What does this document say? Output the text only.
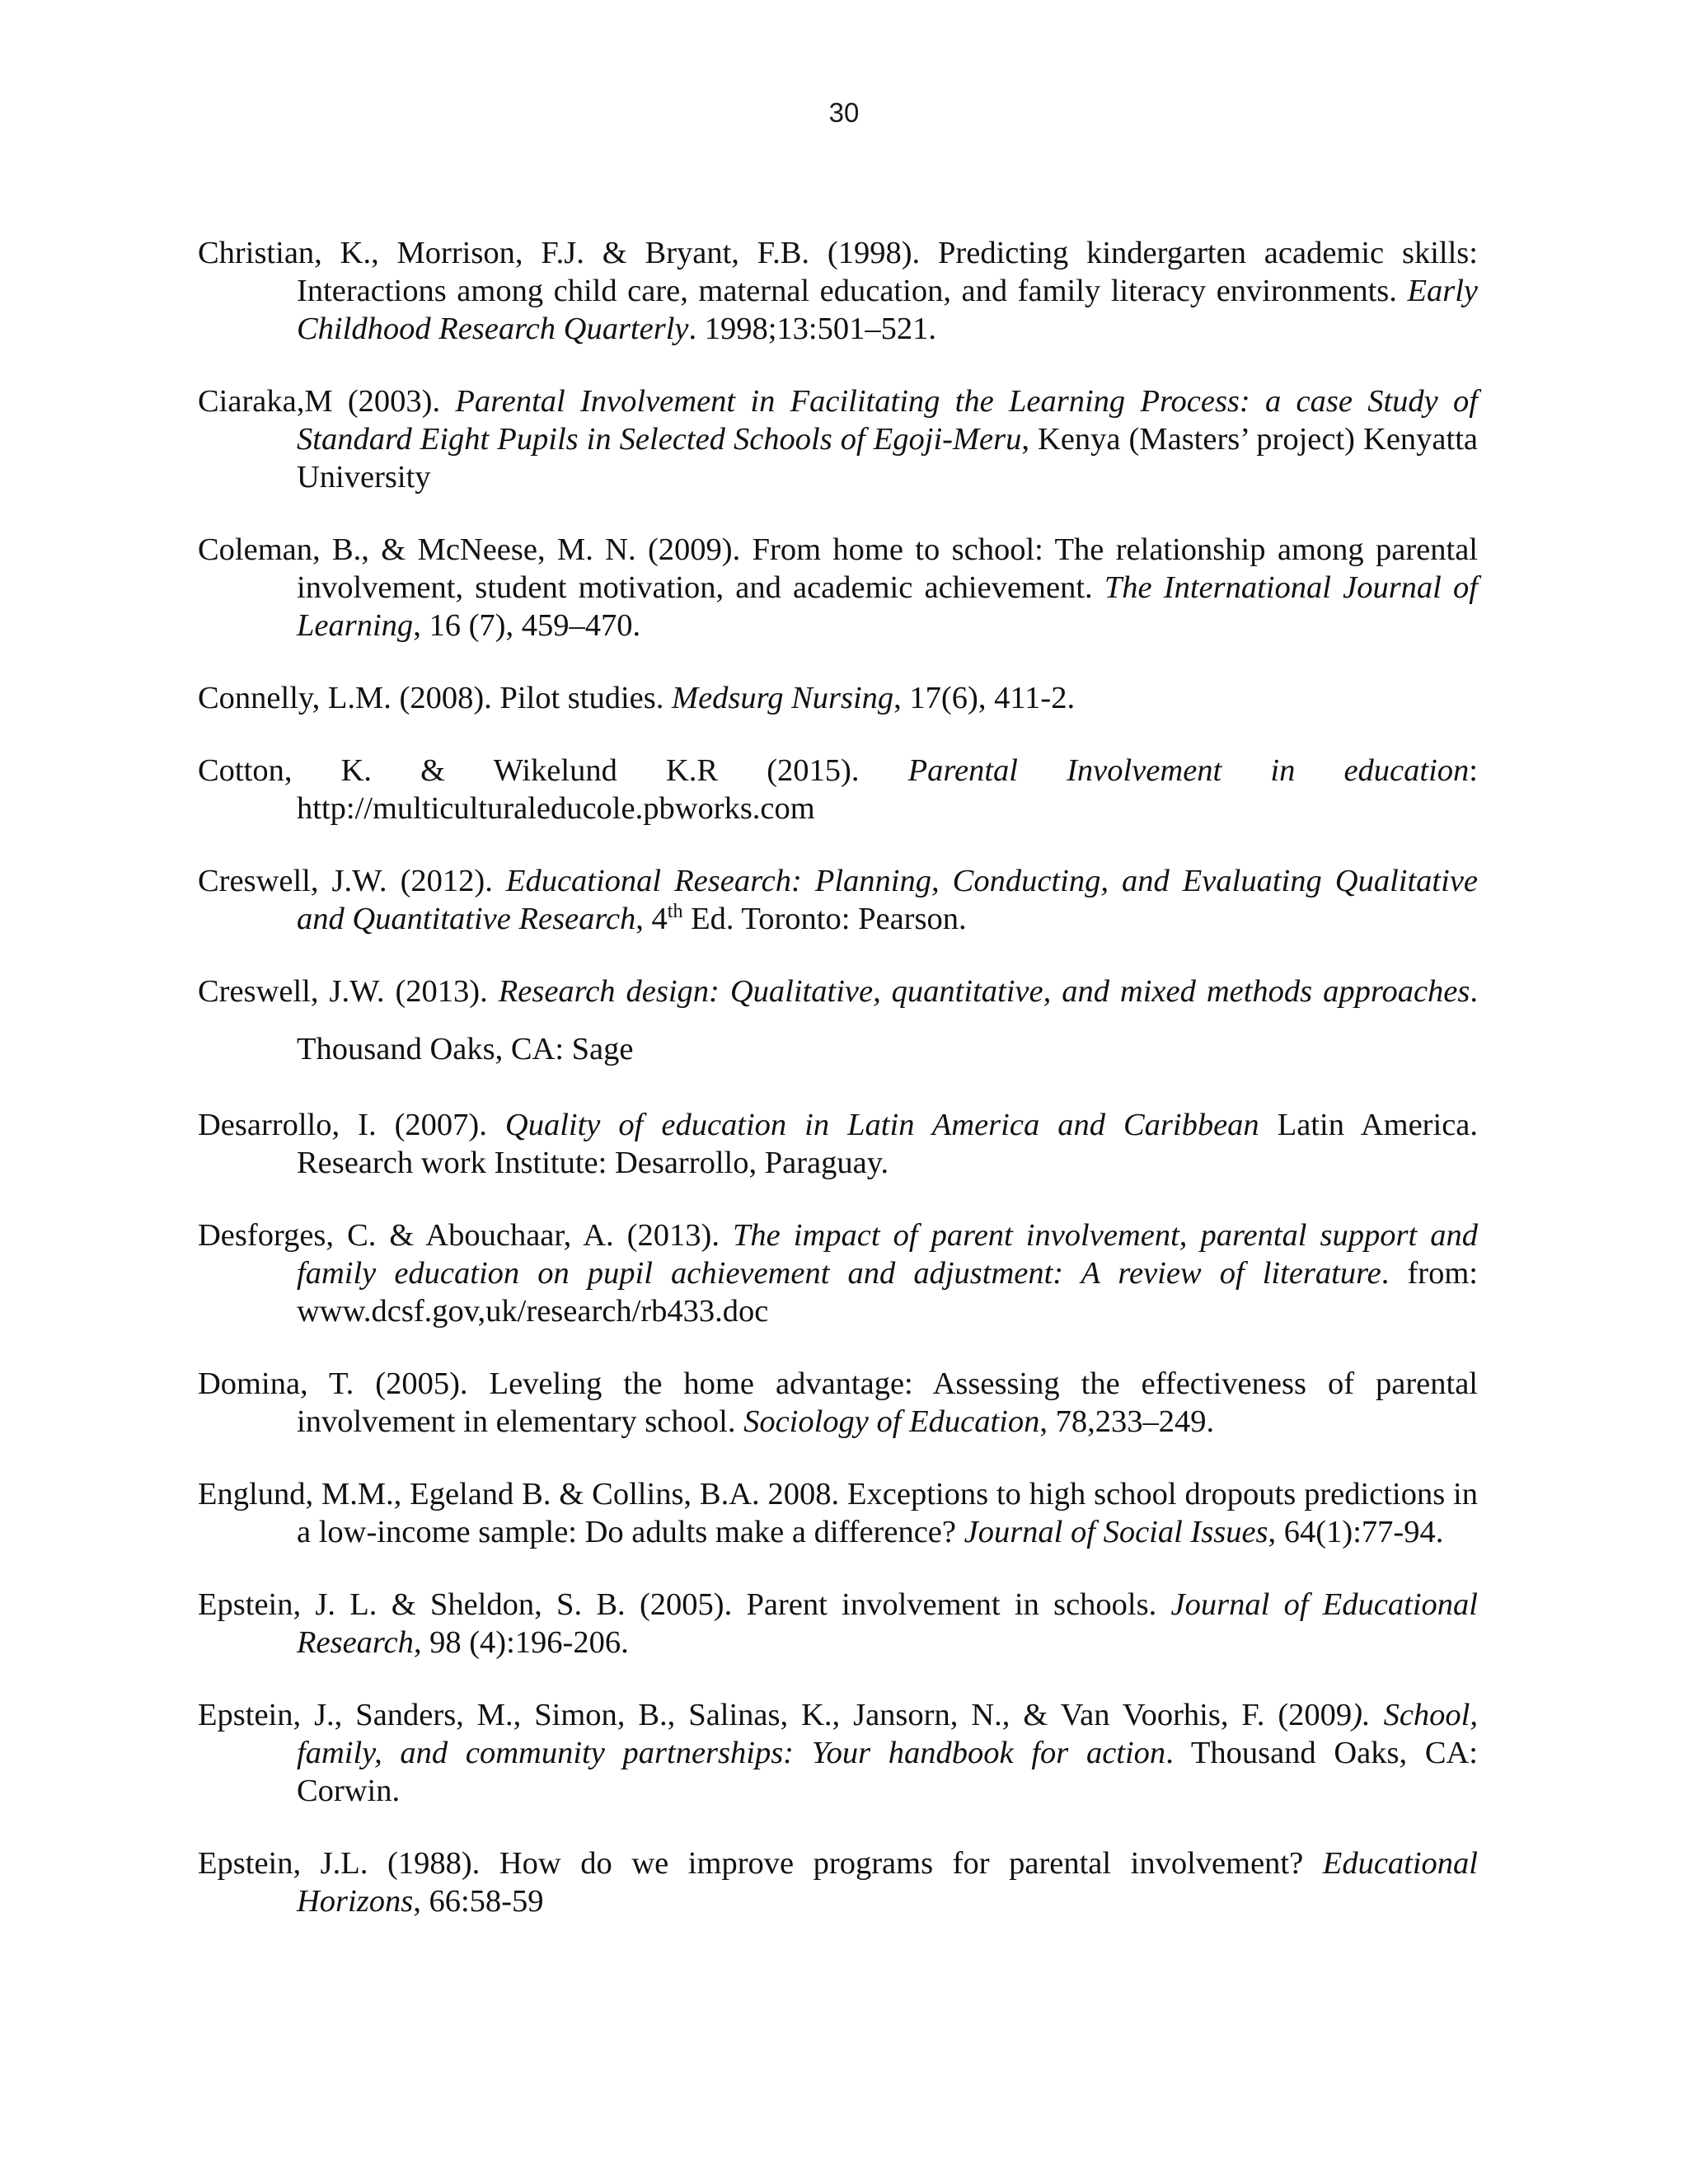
30
Christian, K., Morrison, F.J. & Bryant, F.B. (1998). Predicting kindergarten academic skills: Interactions among child care, maternal education, and family literacy environments. Early Childhood Research Quarterly. 1998;13:501–521.
Ciaraka,M (2003). Parental Involvement in Facilitating the Learning Process: a case Study of Standard Eight Pupils in Selected Schools of Egoji-Meru, Kenya (Masters’ project) Kenyatta University
Coleman, B., & McNeese, M. N. (2009). From home to school: The relationship among parental involvement, student motivation, and academic achievement. The International Journal of Learning, 16 (7), 459–470.
Connelly, L.M. (2008). Pilot studies. Medsurg Nursing, 17(6), 411-2.
Cotton, K. & Wikelund K.R (2015). Parental Involvement in education: http://multiculturaleducole.pbworks.com
Creswell, J.W. (2012). Educational Research: Planning, Conducting, and Evaluating Qualitative and Quantitative Research, 4th Ed. Toronto: Pearson.
Creswell, J.W. (2013). Research design: Qualitative, quantitative, and mixed methods approaches. Thousand Oaks, CA: Sage
Desarrollo, I. (2007). Quality of education in Latin America and Caribbean Latin America. Research work Institute: Desarrollo, Paraguay.
Desforges, C. & Abouchaar, A. (2013). The impact of parent involvement, parental support and family education on pupil achievement and adjustment: A review of literature. from: www.dcsf.gov,uk/research/rb433.doc
Domina, T. (2005). Leveling the home advantage: Assessing the effectiveness of parental involvement in elementary school. Sociology of Education, 78,233–249.
Englund, M.M., Egeland B. & Collins, B.A. 2008. Exceptions to high school dropouts predictions in a low-income sample: Do adults make a difference? Journal of Social Issues, 64(1):77-94.
Epstein, J. L. & Sheldon, S. B. (2005). Parent involvement in schools. Journal of Educational Research, 98 (4):196-206.
Epstein, J., Sanders, M., Simon, B., Salinas, K., Jansorn, N., & Van Voorhis, F. (2009). School, family, and community partnerships: Your handbook for action. Thousand Oaks, CA: Corwin.
Epstein, J.L. (1988). How do we improve programs for parental involvement? Educational Horizons, 66:58-59
